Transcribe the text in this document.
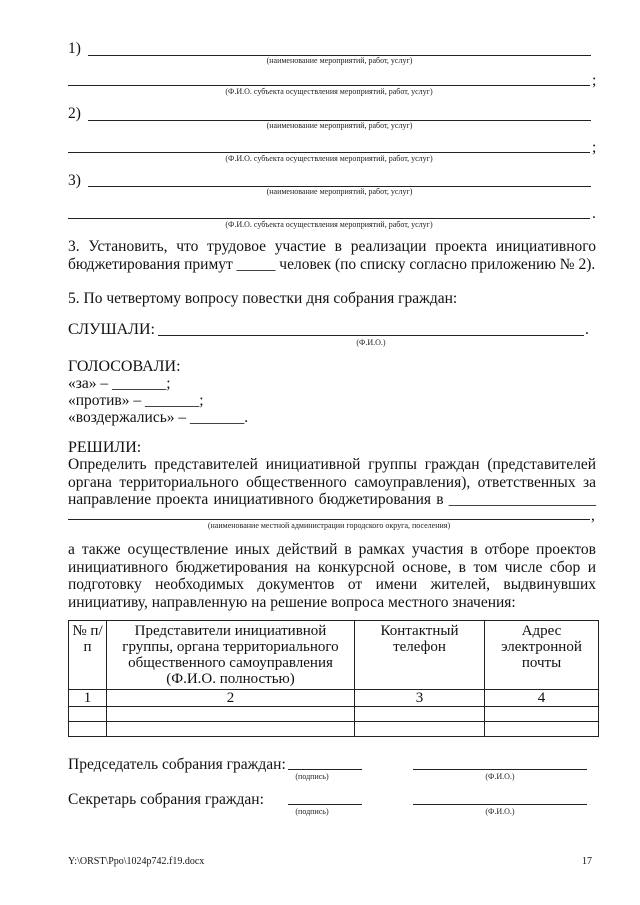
1)
(наименование мероприятий, работ, услуг)
;
(Ф.И.О. субъекта осуществления мероприятий, работ, услуг)
2)
(наименование мероприятий, работ, услуг)
;
(Ф.И.О. субъекта осуществления мероприятий, работ, услуг)
3)
(наименование мероприятий, работ, услуг)
.
(Ф.И.О. субъекта осуществления мероприятий, работ, услуг)
3. Установить, что трудовое участие в реализации проекта инициативного бюджетирования примут _____ человек (по списку согласно приложению № 2).
5. По четвертому вопросу повестки дня собрания граждан:
СЛУШАЛИ:	.
(Ф.И.О.)
ГОЛОСОВАЛИ:
«за» – _______;
«против» – _______;
«воздержались» – _______.
РЕШИЛИ:
Определить представителей инициативной группы граждан (представителей органа территориального общественного самоуправления), ответственных за направление проекта инициативного бюджетирования в ___________________
,
(наименование местной администрации городского округа, поселения)
а также осуществление иных действий в рамках участия в отборе проектов инициативного бюджетирования на конкурсной основе, в том числе сбор и подготовку необходимых документов от имени жителей, выдвинувших инициативу, направленную на решение вопроса местного значения:
№ п/п	Представители инициативной группы, органа территориального общественного самоуправления (Ф.И.О. полностью)	Контактный телефон	Адрес электронной почты
1	2	3	4

Председатель собрания граждан:
(подпись)	(Ф.И.О.)
Секретарь собрания граждан:
(подпись)	(Ф.И.О.)
Y:\ORST\Ppo\1024p742.f19.docx	17
